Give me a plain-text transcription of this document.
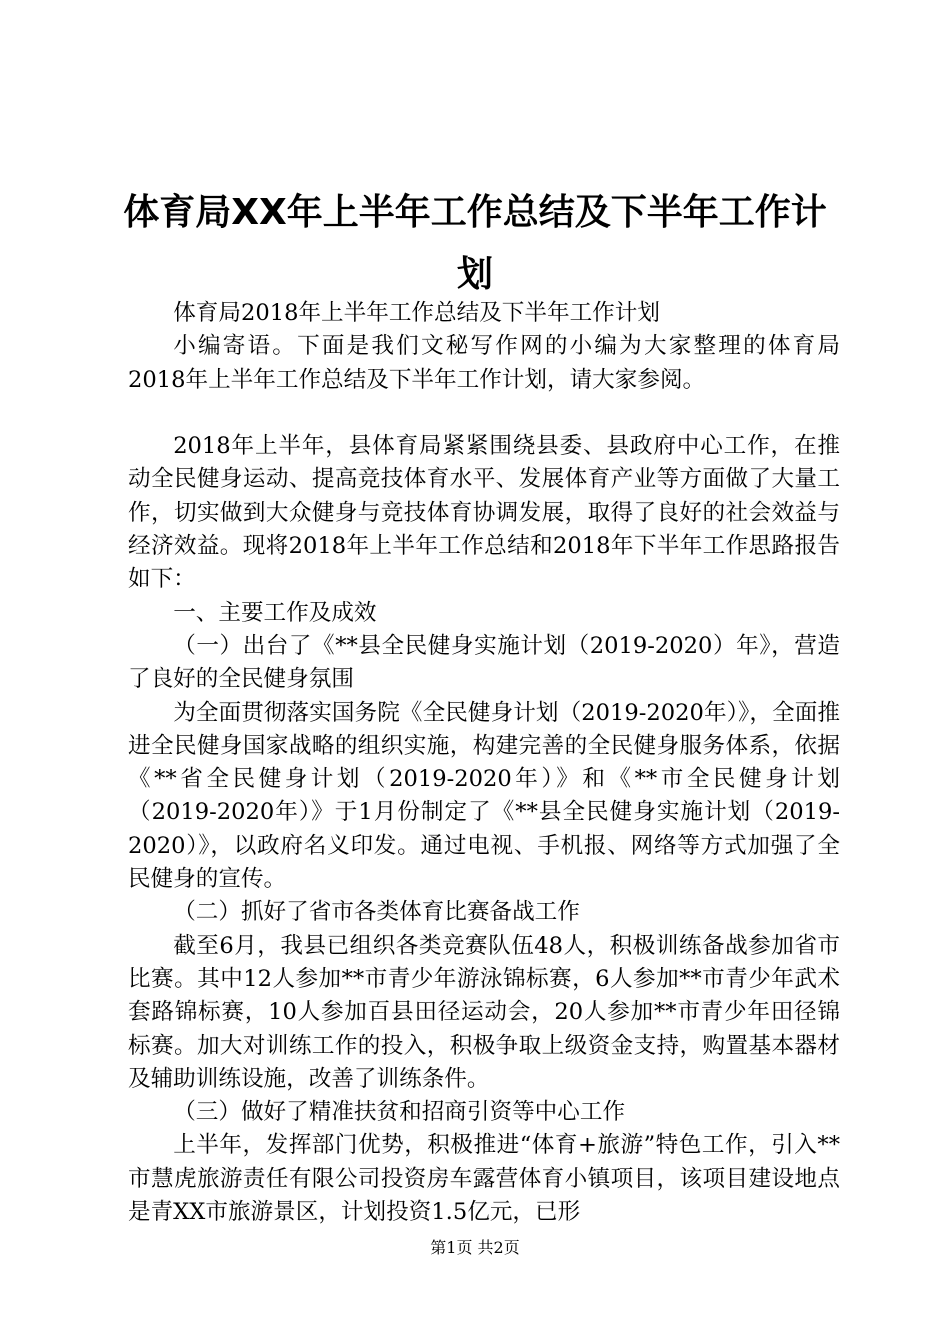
体育局XX年上半年工作总结及下半年工作计
划

体育局2018年上半年工作总结及下半年工作计划

小编寄语。下面是我们文秘写作网的小编为大家整理的体育局2018年上半年工作总结及下半年工作计划，请大家参阅。

2018年上半年，县体育局紧紧围绕县委、县政府中心工作，在推动全民健身运动、提高竞技体育水平、发展体育产业等方面做了大量工作，切实做到大众健身与竞技体育协调发展，取得了良好的社会效益与经济效益。现将2018年上半年工作总结和2018年下半年工作思路报告如下：

一、主要工作及成效

（一）出台了《**县全民健身实施计划（2019-2020）年》，营造了良好的全民健身氛围

为全面贯彻落实国务院《全民健身计划（2019-2020年）》，全面推进全民健身国家战略的组织实施，构建完善的全民健身服务体系，依据《**省全民健身计划（2019-2020年）》和《**市全民健身计划（2019-2020年）》于1月份制定了《**县全民健身实施计划（2019-2020）》，以政府名义印发。通过电视、手机报、网络等方式加强了全民健身的宣传。

（二）抓好了省市各类体育比赛备战工作

截至6月，我县已组织各类竞赛队伍48人，积极训练备战参加省市比赛。其中12人参加**市青少年游泳锦标赛，6人参加**市青少年武术套路锦标赛，10人参加百县田径运动会，20人参加**市青少年田径锦标赛。加大对训练工作的投入，积极争取上级资金支持，购置基本器材及辅助训练设施，改善了训练条件。

（三）做好了精准扶贫和招商引资等中心工作

上半年，发挥部门优势，积极推进“体育+旅游”特色工作，引入**市慧虎旅游责任有限公司投资房车露营体育小镇项目，该项目建设地点是青XX市旅游景区，计划投资1.5亿元，已形

第1页 共2页
